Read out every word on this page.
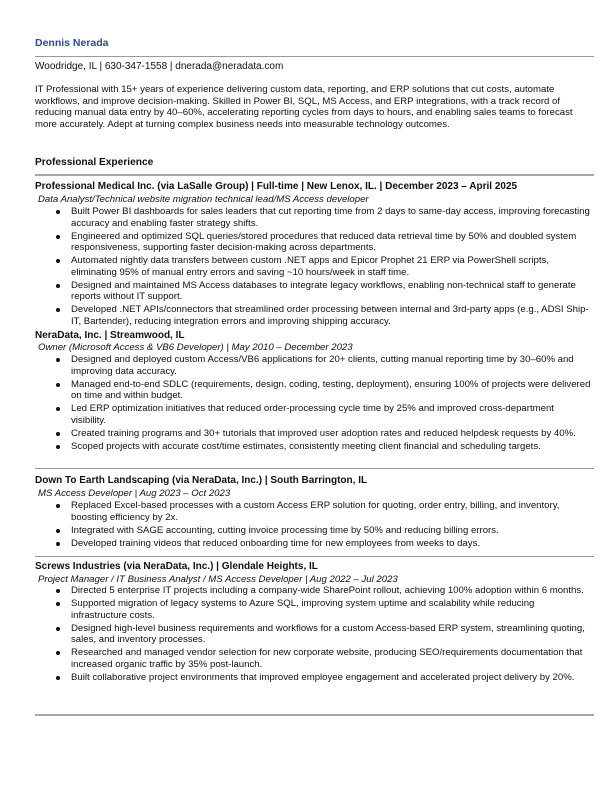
Dennis Nerada
Woodridge, IL | 630-347-1558 | dnerada@neradata.com
IT Professional with 15+ years of experience delivering custom data, reporting, and ERP solutions that cut costs, automate workflows, and improve decision-making. Skilled in Power BI, SQL, MS Access, and ERP integrations, with a track record of reducing manual data entry by 40–60%, accelerating reporting cycles from days to hours, and enabling sales teams to forecast more accurately. Adept at turning complex business needs into measurable technology outcomes.
Professional Experience
Professional Medical Inc. (via LaSalle Group) | Full-time | New Lenox, IL. | December 2023 – April 2025
Data Analyst/Technical website migration technical lead/MS Access developer
Built Power BI dashboards for sales leaders that cut reporting time from 2 days to same-day access, improving forecasting accuracy and enabling faster strategy shifts.
Engineered and optimized SQL queries/stored procedures that reduced data retrieval time by 50% and doubled system responsiveness, supporting faster decision-making across departments.
Automated nightly data transfers between custom .NET apps and Epicor Prophet 21 ERP via PowerShell scripts, eliminating 95% of manual entry errors and saving ~10 hours/week in staff time.
Designed and maintained MS Access databases to integrate legacy workflows, enabling non-technical staff to generate reports without IT support.
Developed .NET APIs/connectors that streamlined order processing between internal and 3rd-party apps (e.g., ADSI Ship-IT, Bartender), reducing integration errors and improving shipping accuracy.
NeraData, Inc. | Streamwood, IL
Owner (Microsoft Access & VB6 Developer) | May 2010 – December 2023
Designed and deployed custom Access/VB6 applications for 20+ clients, cutting manual reporting time by 30–60% and improving data accuracy.
Managed end-to-end SDLC (requirements, design, coding, testing, deployment), ensuring 100% of projects were delivered on time and within budget.
Led ERP optimization initiatives that reduced order-processing cycle time by 25% and improved cross-department visibility.
Created training programs and 30+ tutorials that improved user adoption rates and reduced helpdesk requests by 40%.
Scoped projects with accurate cost/time estimates, consistently meeting client financial and scheduling targets.
Down To Earth Landscaping (via NeraData, Inc.) | South Barrington, IL
MS Access Developer | Aug 2023 – Oct 2023
Replaced Excel-based processes with a custom Access ERP solution for quoting, order entry, billing, and inventory, boosting efficiency by 2x.
Integrated with SAGE accounting, cutting invoice processing time by 50% and reducing billing errors.
Developed training videos that reduced onboarding time for new employees from weeks to days.
Screws Industries (via NeraData, Inc.) | Glendale Heights, IL
Project Manager / IT Business Analyst / MS Access Developer | Aug 2022 – Jul 2023
Directed 5 enterprise IT projects including a company-wide SharePoint rollout, achieving 100% adoption within 6 months.
Supported migration of legacy systems to Azure SQL, improving system uptime and scalability while reducing infrastructure costs.
Designed high-level business requirements and workflows for a custom Access-based ERP system, streamlining quoting, sales, and inventory processes.
Researched and managed vendor selection for new corporate website, producing SEO/requirements documentation that increased organic traffic by 35% post-launch.
Built collaborative project environments that improved employee engagement and accelerated project delivery by 20%.
